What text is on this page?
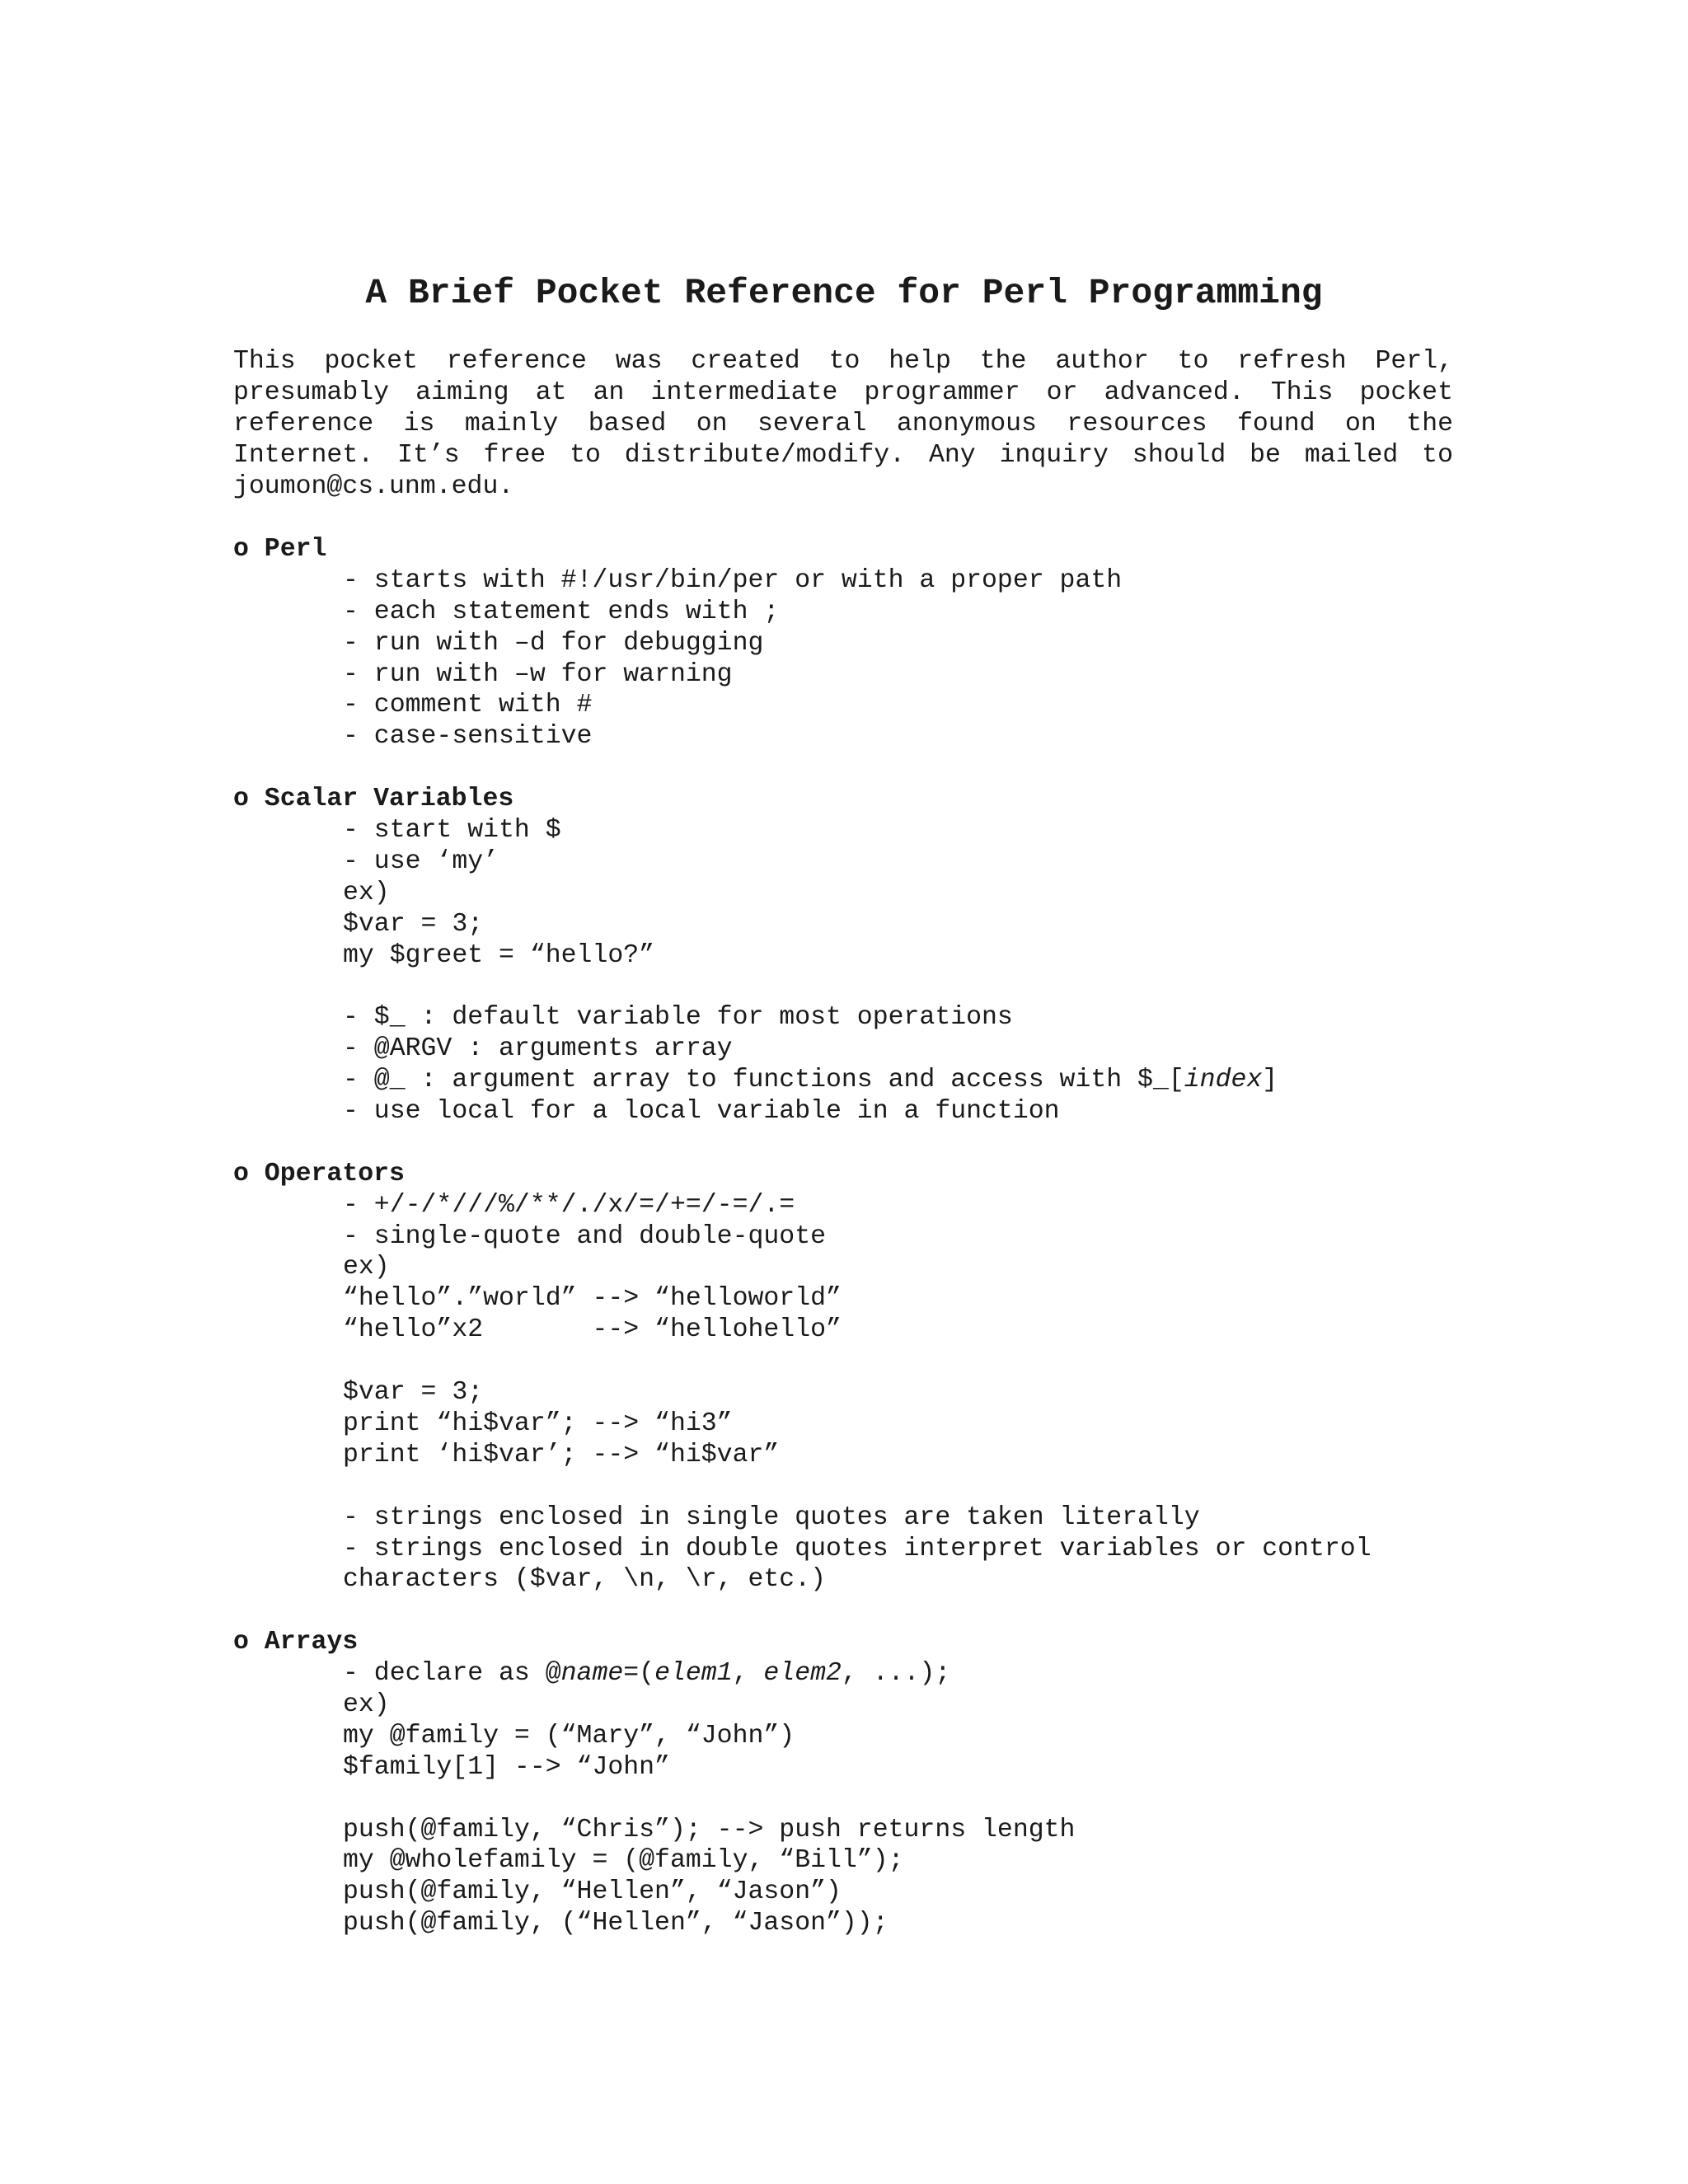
A Brief Pocket Reference for Perl Programming
This pocket reference was created to help the author to refresh Perl,
presumably aiming at an intermediate programmer or advanced. This pocket
reference is mainly based on several anonymous resources found on the
Internet. It’s free to distribute/modify. Any inquiry should be mailed to
joumon@cs.unm.edu.
o Perl
- starts with #!/usr/bin/per or with a proper path
- each statement ends with ;
- run with –d for debugging
- run with –w for warning
- comment with #
- case-sensitive
o Scalar Variables
- start with $
- use ‘my’
ex)
$var = 3;
my $greet = “hello?”
- $_ : default variable for most operations
- @ARGV : arguments array
- @_ : argument array to functions and access with $_[index]
- use local for a local variable in a function
o Operators
- +/-/*///%/**/./x/=/+=/-=/.=
- single-quote and double-quote
ex)
“hello”.”world” --> “helloworld”
“hello”x2       --> “hellohello”
$var = 3;
print “hi$var”; --> “hi3”
print ‘hi$var’; --> “hi$var”
- strings enclosed in single quotes are taken literally
- strings enclosed in double quotes interpret variables or control
characters ($var, \n, \r, etc.)
o Arrays
- declare as @name=(elem1, elem2, ...);
ex)
my @family = (“Mary”, “John”)
$family[1] --> “John”
push(@family, “Chris”); --> push returns length
my @wholefamily = (@family, “Bill”);
push(@family, “Hellen”, “Jason”)
push(@family, (“Hellen”, “Jason”));
